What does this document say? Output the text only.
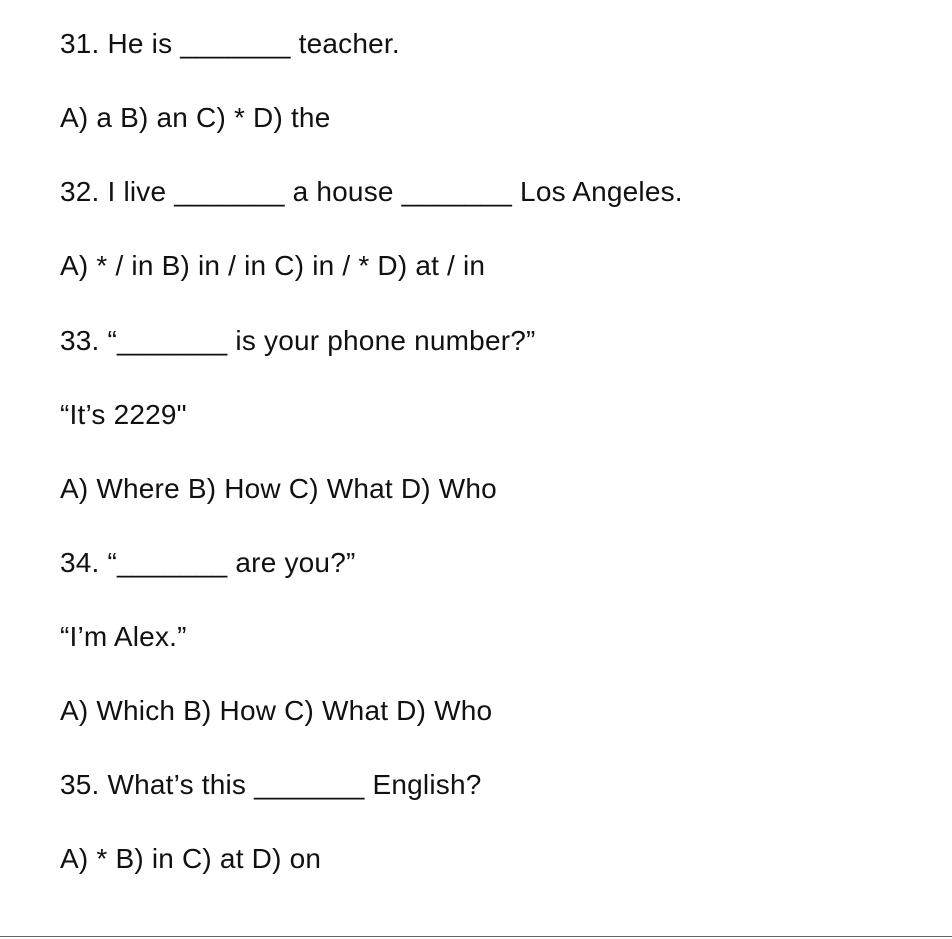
31. He is _______ teacher.
A) a B) an C) * D) the
32. I live _______ a house _______ Los Angeles.
A) * / in B) in / in C) in / * D) at / in
33. “_______ is your phone number?”
“It’s 2229"
A) Where B) How C) What D) Who
34. “_______ are you?”
“I’m Alex.”
A) Which B) How C) What D) Who
35. What’s this _______ English?
A) * B) in C) at D) on
